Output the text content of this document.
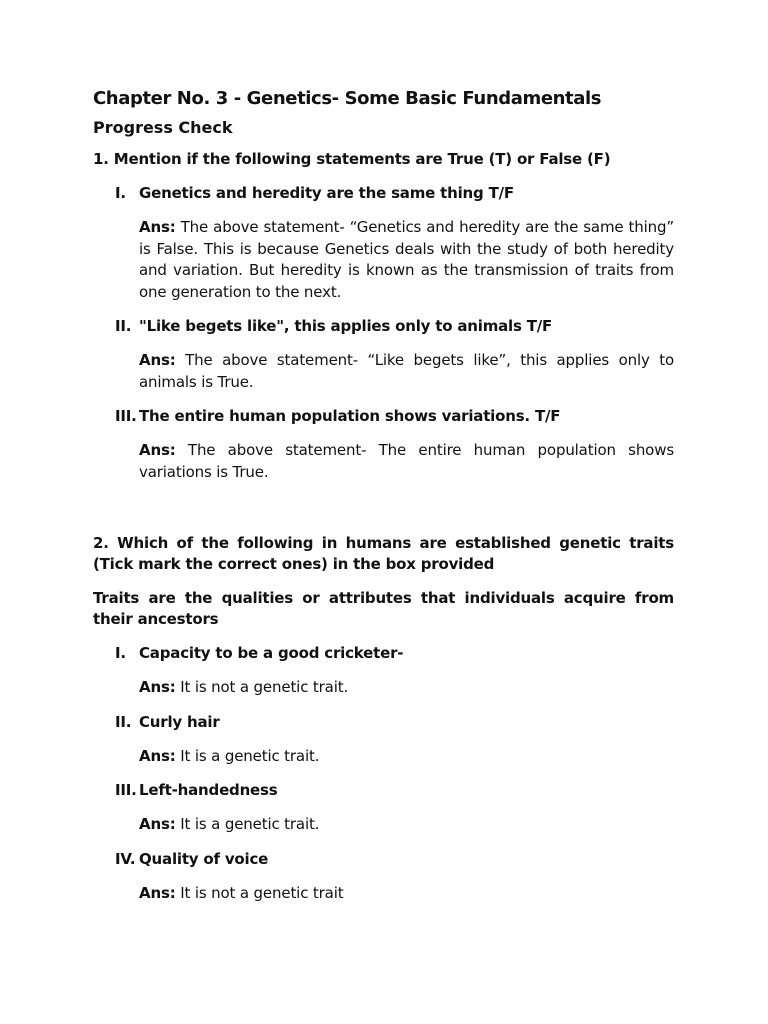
Chapter No. 3 - Genetics- Some Basic Fundamentals
Progress Check

1. Mention if the following statements are True (T) or False (F)

I. Genetics and heredity are the same thing T/F

Ans: The above statement- “Genetics and heredity are the same thing” is False. This is because Genetics deals with the study of both heredity and variation. But heredity is known as the transmission of traits from one generation to the next.

II. "Like begets like", this applies only to animals T/F

Ans: The above statement- “Like begets like”, this applies only to animals is True.

III. The entire human population shows variations. T/F

Ans: The above statement- The entire human population shows variations is True.

2. Which of the following in humans are established genetic traits (Tick mark the correct ones) in the box provided

Traits are the qualities or attributes that individuals acquire from their ancestors

I. Capacity to be a good cricketer-

Ans: It is not a genetic trait.

II. Curly hair

Ans: It is a genetic trait.

III. Left-handedness

Ans: It is a genetic trait.

IV. Quality of voice

Ans: It is not a genetic trait
